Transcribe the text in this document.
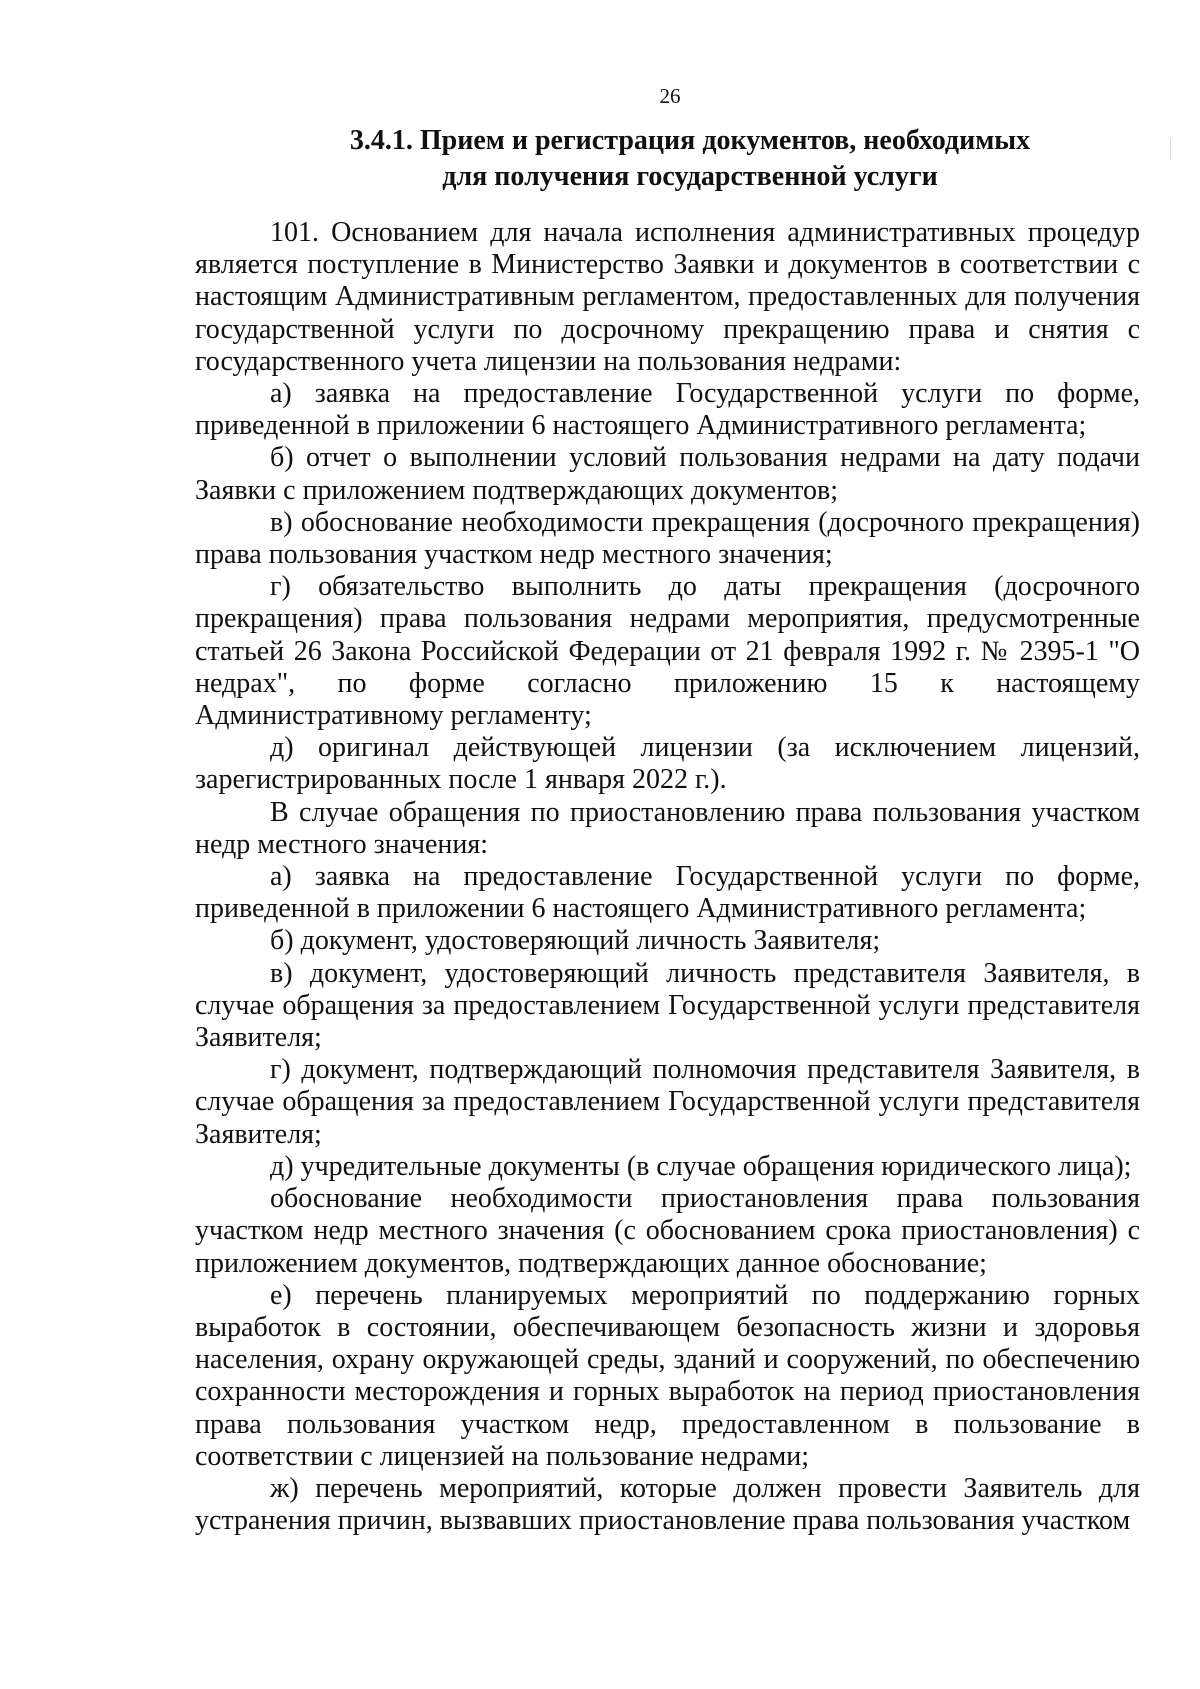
26
3.4.1. Прием и регистрация документов, необходимых
для получения государственной услуги

101. Основанием для начала исполнения административных процедур является поступление в Министерство Заявки и документов в соответствии с настоящим Административным регламентом, предоставленных для получения государственной услуги по досрочному прекращению права и снятия с государственного учета лицензии на пользования недрами:

а) заявка на предоставление Государственной услуги по форме, приведенной в приложении 6 настоящего Административного регламента;

б) отчет о выполнении условий пользования недрами на дату подачи Заявки с приложением подтверждающих документов;

в) обоснование необходимости прекращения (досрочного прекращения) права пользования участком недр местного значения;

г) обязательство выполнить до даты прекращения (досрочного прекращения) права пользования недрами мероприятия, предусмотренные статьей 26 Закона Российской Федерации от 21 февраля 1992 г. № 2395-1 "О недрах", по форме согласно приложению 15 к настоящему Административному регламенту;

д) оригинал действующей лицензии (за исключением лицензий, зарегистрированных после 1 января 2022 г.).

В случае обращения по приостановлению права пользования участком недр местного значения:

а) заявка на предоставление Государственной услуги по форме, приведенной в приложении 6 настоящего Административного регламента;

б) документ, удостоверяющий личность Заявителя;

в) документ, удостоверяющий личность представителя Заявителя, в случае обращения за предоставлением Государственной услуги представителя Заявителя;

г) документ, подтверждающий полномочия представителя Заявителя, в случае обращения за предоставлением Государственной услуги представителя Заявителя;

д) учредительные документы (в случае обращения юридического лица);

обоснование необходимости приостановления права пользования участком недр местного значения (с обоснованием срока приостановления) с приложением документов, подтверждающих данное обоснование;

е) перечень планируемых мероприятий по поддержанию горных выработок в состоянии, обеспечивающем безопасность жизни и здоровья населения, охрану окружающей среды, зданий и сооружений, по обеспечению сохранности месторождения и горных выработок на период приостановления права пользования участком недр, предоставленном в пользование в соответствии с лицензией на пользование недрами;

ж) перечень мероприятий, которые должен провести Заявитель для устранения причин, вызвавших приостановление права пользования участком
